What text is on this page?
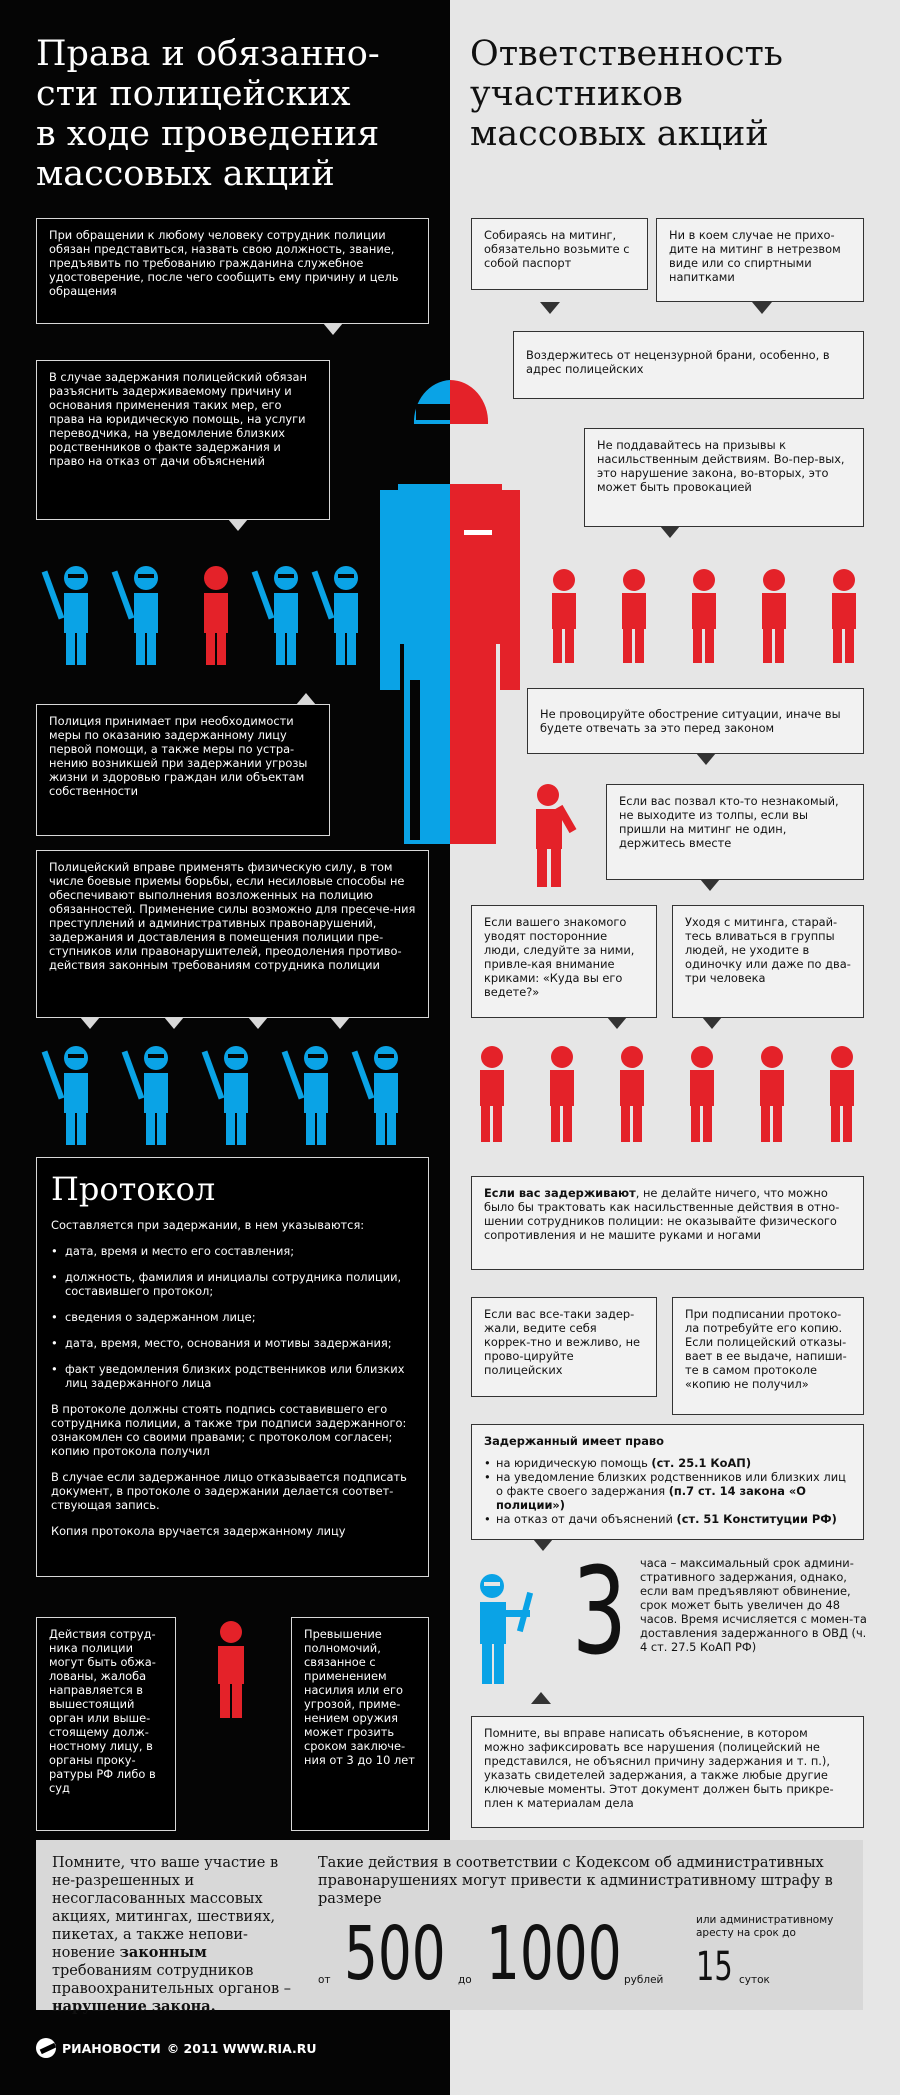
Права и обязанно-
сти полицейских
в ходе проведения
массовых акций
Ответственность
участников
массовых акций
При обращении к любому человеку сотрудник полиции обязан представиться, назвать свою должность, звание, предъявить по требованию гражданина служебное удостоверение, после чего сообщить ему причину и цель обращения
В случае задержания полицейский обязан разъяснить задерживаемому причину и основания применения таких мер, его права на юридическую помощь, на услуги переводчика, на уведомление близких родственников о факте задержания и право на отказ от дачи объяснений
Полиция принимает при необходимости меры по оказанию задержанному лицу первой помощи, а также меры по устра-нению возникшей при задержании угрозы жизни и здоровью граждан или объектам собственности
Полицейский вправе применять физическую силу, в том числе боевые приемы борьбы, если несиловые способы не обеспечивают выполнения возложенных на полицию обязанностей. Применение силы возможно для пресече-ния преступлений и административных правонарушений, задержания и доставления в помещения полиции пре-ступников или правонарушителей, преодоления противо-действия законным требованиям сотрудника полиции
Протокол

Составляется при задержании, в нем указываются:

• дата, время и место его составления;
• должность, фамилия и инициалы сотрудника полиции, составившего протокол;
• сведения о задержанном лице;
• дата, время, место, основания и мотивы задержания;
• факт уведомления близких родственников или близких лиц задержанного лица

В протоколе должны стоять подпись составившего его сотрудника полиции, а также три подписи задержанного: ознакомлен со своими правами; с протоколом согласен; копию протокола получил

В случае если задержанное лицо отказывается подписать документ, в протоколе о задержании делается соответ-ствующая запись.

Копия протокола вручается задержанному лицу

Действия сотруд-ника полиции могут быть обжа-лованы, жалоба направляется в вышестоящий орган или выше-стоящему долж-ностному лицу, в органы проку-ратуры РФ либо в суд
Превышение полномочий, связанное с применением насилия или его угрозой, приме-нением оружия может грозить сроком заключе-ния от 3 до 10 лет
Собираясь на митинг, обязательно возьмите с собой паспорт
Ни в коем случае не прихо-дите на митинг в нетрезвом виде или со спиртными напитками
Воздержитесь от нецензурной брани, особенно, в адрес полицейских
Не поддавайтесь на призывы к насильственным действиям. Во-пер-вых, это нарушение закона, во-вторых, это может быть провокацией
Не провоцируйте обострение ситуации, иначе вы будете отвечать за это перед законом
Если вас позвал кто-то незнакомый, не выходите из толпы, если вы пришли на митинг не один, держитесь вместе
Если вашего знакомого уводят посторонние люди, следуйте за ними, привле-кая внимание криками: «Куда вы его ведете?»
Уходя с митинга, старай-тесь вливаться в группы людей, не уходите в одиночку или даже по два-три человека
Если вас задерживают, не делайте ничего, что можно было бы трактовать как насильственные действия в отно-шении сотрудников полиции: не оказывайте физического сопротивления и не машите руками и ногами
Если вас все-таки задер-жали, ведите себя коррек-тно и вежливо, не прово-цируйте полицейских
При подписании протоко-ла потребуйте его копию. Если полицейский отказы-вает в ее выдаче, напиши-те в самом протоколе «копию не получил»
Задержанный имеет право
• на юридическую помощь (ст. 25.1 КоАП)
• на уведомление близких родственников или близких лиц о факте своего задержания (п.7 ст. 14 закона «О полиции»)
• на отказ от дачи объяснений (ст. 51 Конституции РФ)
3 часа – максимальный срок админи-стративного задержания, однако, если вам предъявляют обвинение, срок может быть увеличен до 48 часов. Время исчисляется с момен-та доставления задержанного в ОВД (ч. 4 ст. 27.5 КоАП РФ)
Помните, вы вправе написать объяснение, в котором можно зафиксировать все нарушения (полицейский не представился, не объяснил причину задержания и т. п.), указать свидетелей задержания, а также любые другие ключевые моменты. Этот документ должен быть прикре-плен к материалам дела
Помните, что ваше участие в не-разрешенных и несогласованных массовых акциях, митингах, шествиях, пикетах, а также непови-новение законным требованиям сотрудников правоохранительных органов – нарушение закона.
Такие действия в соответствии с Кодексом об административных правонарушениях могут привести к административному штрафу в размере
от 500 до 1000 рублей
или административному аресту на срок до
15 суток
РИАНОВОСТИ © 2011 WWW.RIA.RU
